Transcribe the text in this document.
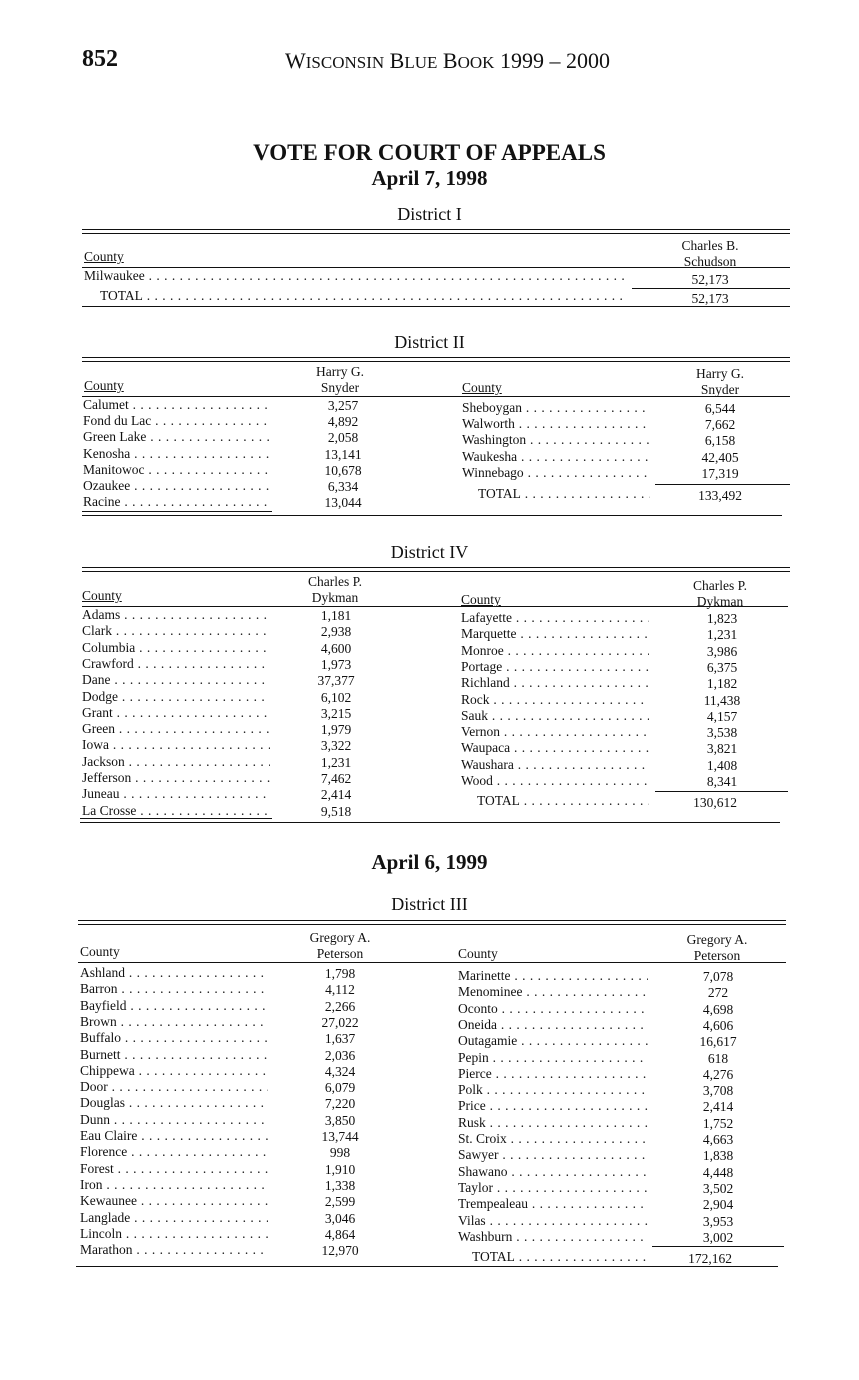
852	WISCONSIN BLUE BOOK 1999 – 2000
VOTE FOR COURT OF APPEALS
April 7, 1998
District I
County
Charles B.
Schudson
Milwaukee . . .	52,173
TOTAL . . .	52,173
District II
County
Harry G.
Snyder	County
Harry G.
Snyder
Calumet . . .	3,257
Fond du Lac . . .	4,892
Green Lake . . .	2,058
Kenosha . . .	13,141
Manitowoc . . .	10,678
Ozaukee . . .	6,334
Racine . . .	13,044
Sheboygan . . .	6,544
Walworth . . .	7,662
Washington . . .	6,158
Waukesha . . .	42,405
Winnebago . . .	17,319
TOTAL . . .	133,492
District IV
County
Charles P.
Dykman	County
Charles P.
Dykman
Adams . . .	1,181
Clark . . .	2,938
Columbia . . .	4,600
Crawford . . .	1,973
Dane . . .	37,377
Dodge . . .	6,102
Grant . . .	3,215
Green . . .	1,979
Iowa . . .	3,322
Jackson . . .	1,231
Jefferson . . .	7,462
Juneau . . .	2,414
La Crosse . . .	9,518
Lafayette . . .	1,823
Marquette . . .	1,231
Monroe . . .	3,986
Portage . . .	6,375
Richland . . .	1,182
Rock . . .	11,438
Sauk . . .	4,157
Vernon . . .	3,538
Waupaca . . .	3,821
Waushara . . .	1,408
Wood . . .	8,341
TOTAL . . .	130,612
April 6, 1999
District III
County
Gregory A.
Peterson	County
Gregory A.
Peterson
Ashland . . .	1,798
Barron . . .	4,112
Bayfield . . .	2,266
Brown . . .	27,022
Buffalo . . .	1,637
Burnett . . .	2,036
Chippewa . . .	4,324
Door . . .	6,079
Douglas . . .	7,220
Dunn . . .	3,850
Eau Claire . . .	13,744
Florence . . .	998
Forest . . .	1,910
Iron . . .	1,338
Kewaunee . . .	2,599
Langlade . . .	3,046
Lincoln . . .	4,864
Marathon . . .	12,970
Marinette . . .	7,078
Menominee . . .	272
Oconto . . .	4,698
Oneida . . .	4,606
Outagamie . . .	16,617
Pepin . . .	618
Pierce . . .	4,276
Polk . . .	3,708
Price . . .	2,414
Rusk . . .	1,752
St. Croix . . .	4,663
Sawyer . . .	1,838
Shawano . . .	4,448
Taylor . . .	3,502
Trempealeau . . .	2,904
Vilas . . .	3,953
Washburn . . .	3,002
TOTAL . . .	172,162
